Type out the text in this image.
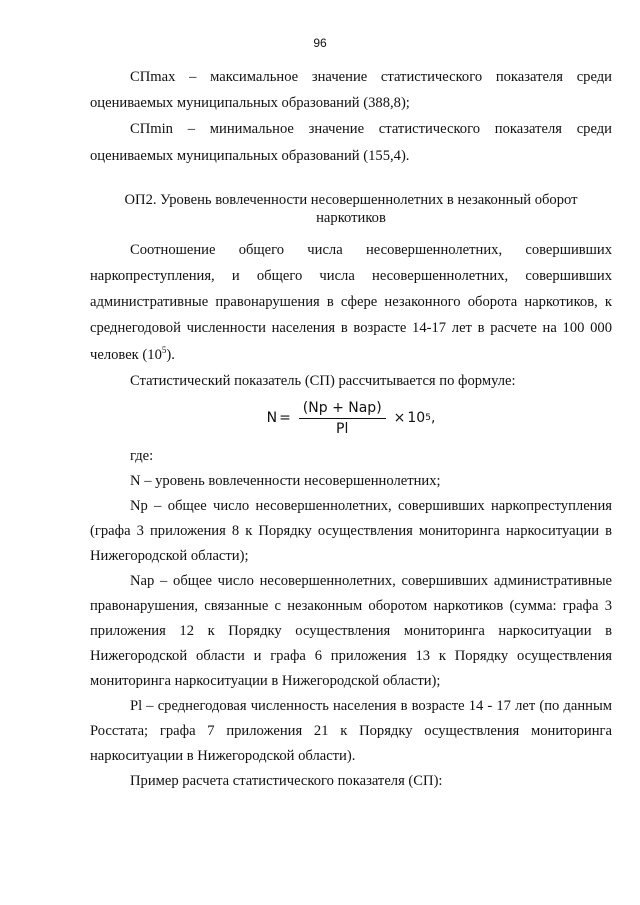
96

СПmax – максимальное значение статистического показателя среди оцениваемых муниципальных образований (388,8);

СПmin – минимальное значение статистического показателя среди оцениваемых муниципальных образований (155,4).

ОП2. Уровень вовлеченности несовершеннолетних в незаконный оборот наркотиков

Соотношение общего числа несовершеннолетних, совершивших наркопреступления, и общего числа несовершеннолетних, совершивших административные правонарушения в сфере незаконного оборота наркотиков, к среднегодовой численности населения в возрасте 14-17 лет в расчете на 100 000 человек $(10^5)$.

Статистический показатель (СП) рассчитывается по формуле:

$N = \frac{\text{(Np + Nap)}}{Pl} \times 10$ 5 ,

где:

N – уровень вовлеченности несовершеннолетних;

Np – общее число несовершеннолетних, совершивших наркопреступления (графа 3 приложения 8 к Порядку осуществления мониторинга наркоситуации в Нижегородской области);

Nap – общее число несовершеннолетних, совершивших административные правонарушения, связанные с незаконным оборотом наркотиков (сумма: графа 3 приложения 12 к Порядку осуществления мониторинга наркоситуации в Нижегородской области и графа 6 приложения 13 к Порядку осуществления мониторинга наркоситуации в Нижегородской области);

Pl – среднегодовая численность населения в возрасте 14 - 17 лет (по данным Росстата; графа 7 приложения 21 к Порядку осуществления мониторинга наркоситуации в Нижегородской области).

Пример расчета статистического показателя (СП):
